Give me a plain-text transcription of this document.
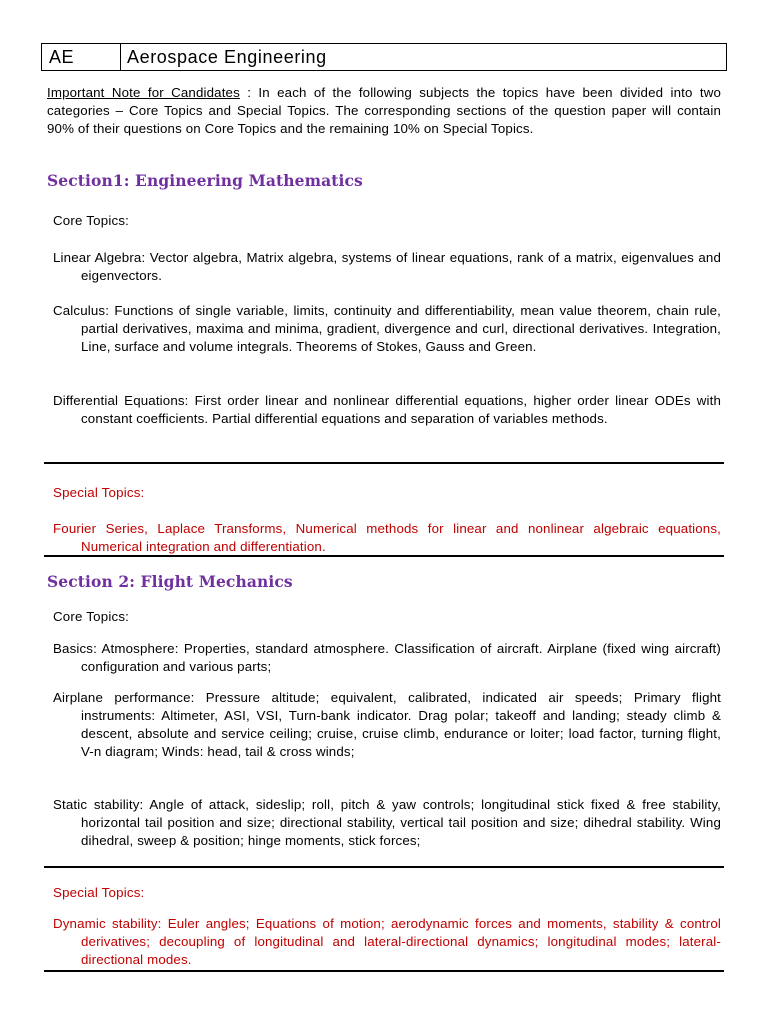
AE	Aerospace Engineering
Important Note for Candidates : In each of the following subjects the topics have been divided into two categories – Core Topics and Special Topics. The corresponding sections of the question paper will contain 90% of their questions on Core Topics and the remaining 10% on Special Topics.
Section1: Engineering Mathematics
Core Topics:
Linear Algebra: Vector algebra, Matrix algebra, systems of linear equations, rank of a matrix, eigenvalues and eigenvectors.
Calculus: Functions of single variable, limits, continuity and differentiability, mean value theorem, chain rule, partial derivatives, maxima and minima, gradient, divergence and curl, directional derivatives. Integration, Line, surface and volume integrals. Theorems of Stokes, Gauss and Green.
Differential Equations: First order linear and nonlinear differential equations, higher order linear ODEs with constant coefficients. Partial differential equations and separation of variables methods.
Special Topics:
Fourier Series, Laplace Transforms, Numerical methods for linear and nonlinear algebraic equations, Numerical integration and differentiation.
Section 2: Flight Mechanics
Core Topics:
Basics: Atmosphere: Properties, standard atmosphere. Classification of aircraft. Airplane (fixed wing aircraft) configuration and various parts;
Airplane performance: Pressure altitude; equivalent, calibrated, indicated air speeds; Primary flight instruments: Altimeter, ASI, VSI, Turn-bank indicator. Drag polar; takeoff and landing; steady climb & descent, absolute and service ceiling; cruise, cruise climb, endurance or loiter; load factor, turning flight, V-n diagram; Winds: head, tail & cross winds;
Static stability: Angle of attack, sideslip; roll, pitch & yaw controls; longitudinal stick fixed & free stability, horizontal tail position and size; directional stability, vertical tail position and size; dihedral stability. Wing dihedral, sweep & position; hinge moments, stick forces;
Special Topics:
Dynamic stability: Euler angles; Equations of motion; aerodynamic forces and moments, stability & control derivatives; decoupling of longitudinal and lateral-directional dynamics; longitudinal modes; lateral-directional modes.
